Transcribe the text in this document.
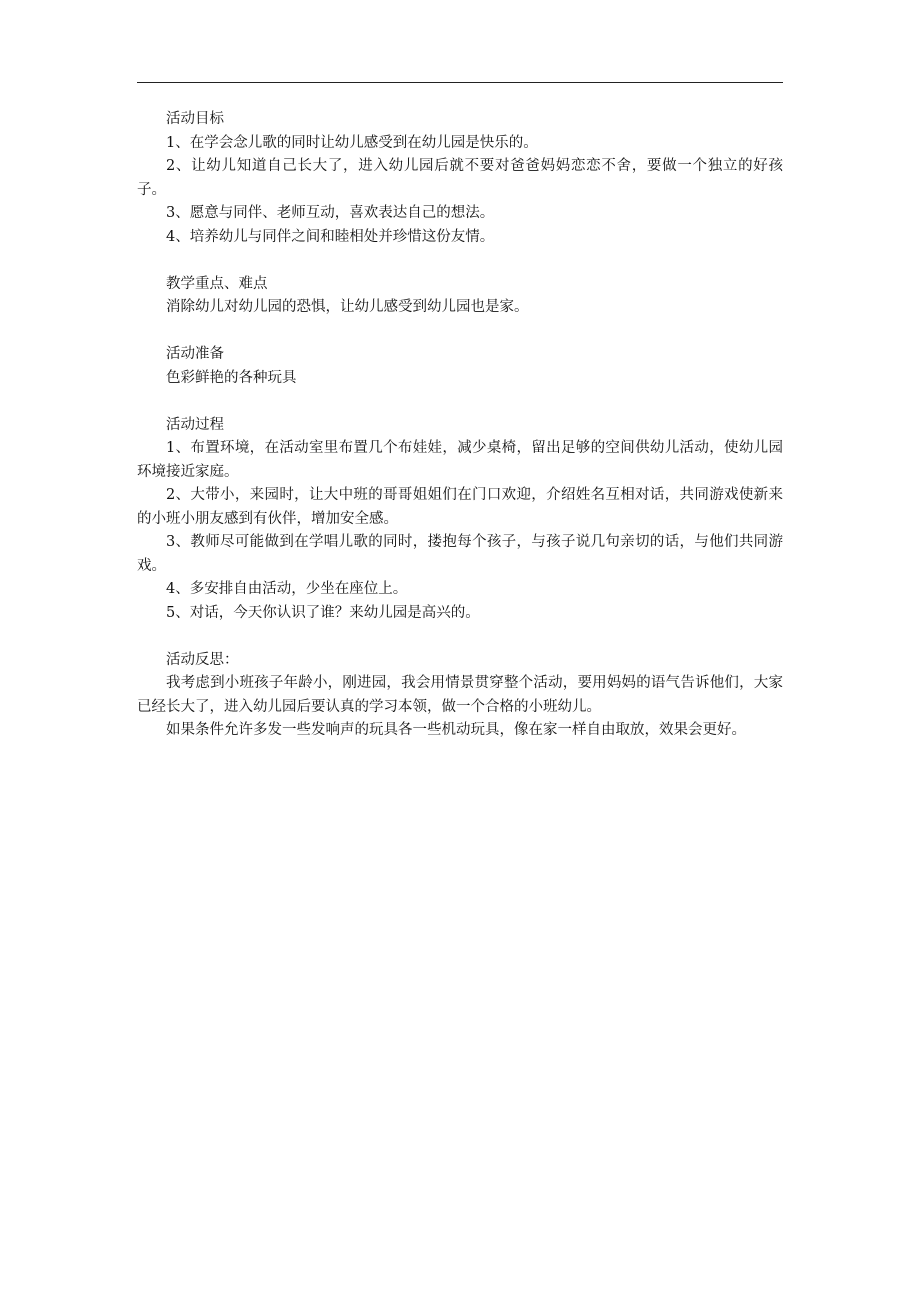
活动目标

1、在学会念儿歌的同时让幼儿感受到在幼儿园是快乐的。

2、让幼儿知道自己长大了，进入幼儿园后就不要对爸爸妈妈恋恋不舍，要做一个独立的好孩子。

3、愿意与同伴、老师互动，喜欢表达自己的想法。

4、培养幼儿与同伴之间和睦相处并珍惜这份友情。

教学重点、难点

消除幼儿对幼儿园的恐惧，让幼儿感受到幼儿园也是家。

活动准备

色彩鲜艳的各种玩具

活动过程

1、布置环境，在活动室里布置几个布娃娃，减少桌椅，留出足够的空间供幼儿活动，使幼儿园环境接近家庭。

2、大带小，来园时，让大中班的哥哥姐姐们在门口欢迎，介绍姓名互相对话，共同游戏使新来的小班小朋友感到有伙伴，增加安全感。

3、教师尽可能做到在学唱儿歌的同时，搂抱每个孩子，与孩子说几句亲切的话，与他们共同游戏。

4、多安排自由活动，少坐在座位上。

5、对话，今天你认识了谁？来幼儿园是高兴的。

活动反思：

我考虑到小班孩子年龄小，刚进园，我会用情景贯穿整个活动，要用妈妈的语气告诉他们，大家已经长大了，进入幼儿园后要认真的学习本领，做一个合格的小班幼儿。

如果条件允许多发一些发响声的玩具各一些机动玩具，像在家一样自由取放，效果会更好。
